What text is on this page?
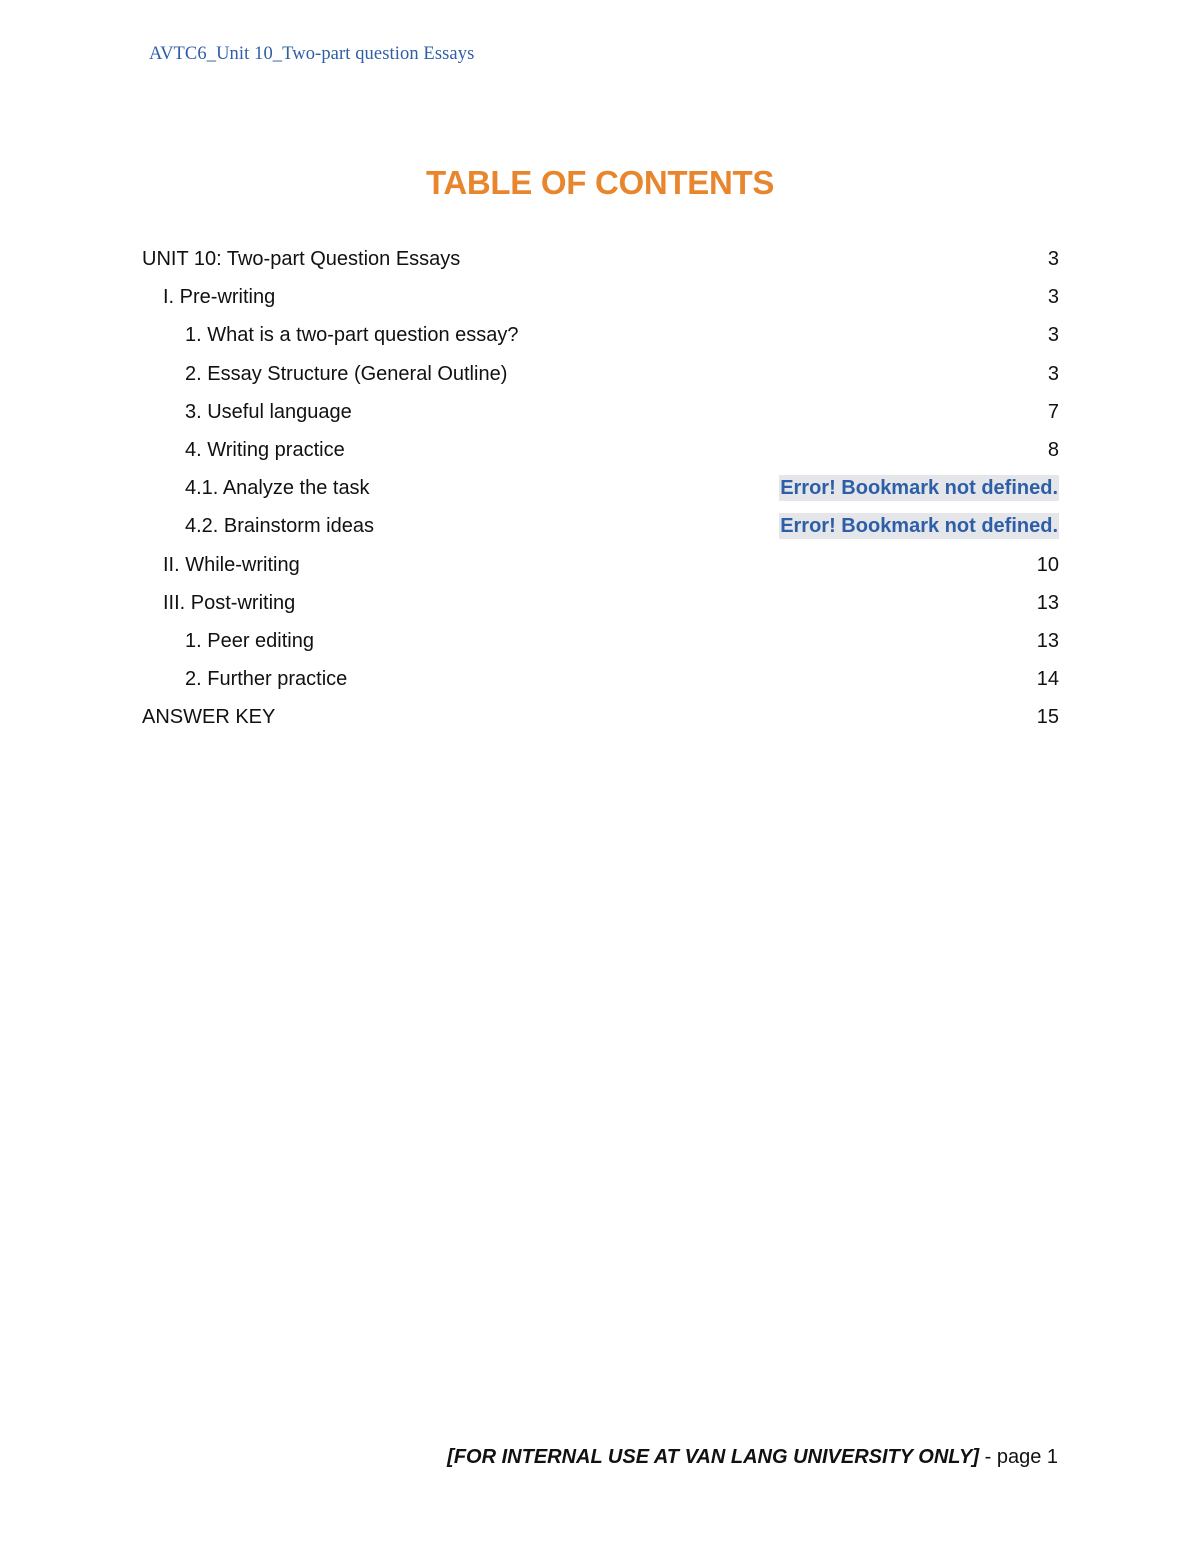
AVTC6_Unit 10_Two-part question Essays
TABLE OF CONTENTS
UNIT 10: Two-part Question Essays	3
I. Pre-writing	3
1. What is a two-part question essay?	3
2. Essay Structure (General Outline)	3
3. Useful language	7
4. Writing practice	8
4.1. Analyze the task	Error! Bookmark not defined.
4.2. Brainstorm ideas	Error! Bookmark not defined.
II. While-writing	10
III. Post-writing	13
1. Peer editing	13
2. Further practice	14
ANSWER KEY	15
[FOR INTERNAL USE AT VAN LANG UNIVERSITY ONLY] - page 1
